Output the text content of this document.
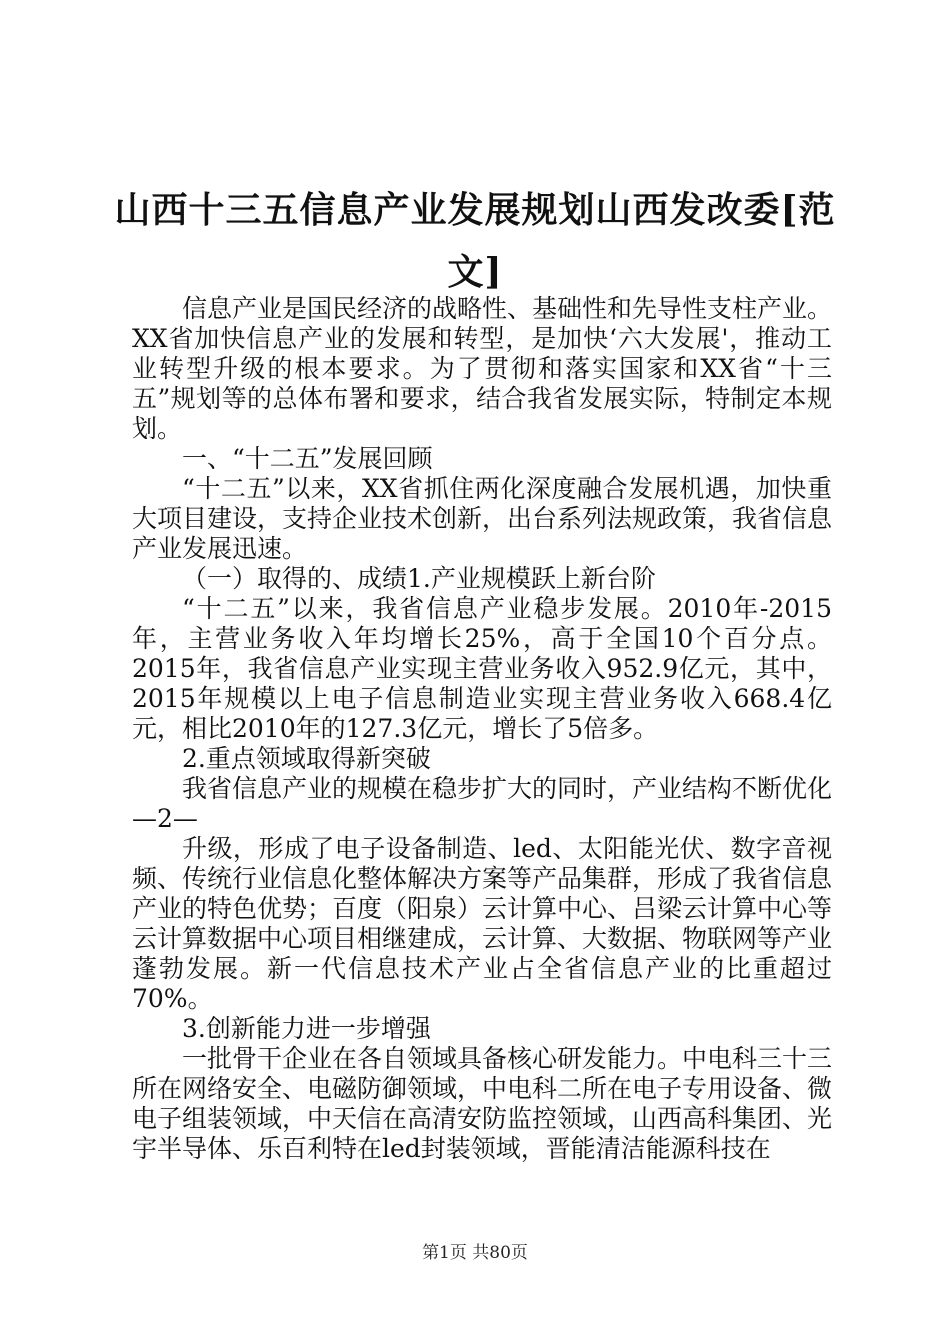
山西十三五信息产业发展规划山西发改委[范
文]

信息产业是国民经济的战略性、基础性和先导性支柱产业。XX省加快信息产业的发展和转型，是加快‘六大发展'，推动工业转型升级的根本要求。为了贯彻和落实国家和XX省“十三五”规划等的总体布署和要求，结合我省发展实际，特制定本规划。

一、“十二五”发展回顾

“十二五”以来，XX省抓住两化深度融合发展机遇，加快重大项目建设，支持企业技术创新，出台系列法规政策，我省信息产业发展迅速。

（一）取得的、成绩1.产业规模跃上新台阶

“十二五”以来，我省信息产业稳步发展。2010年-2015年，主营业务收入年均增长25%，高于全国10个百分点。2015年，我省信息产业实现主营业务收入952.9亿元，其中，2015年规模以上电子信息制造业实现主营业务收入668.4亿元，相比2010年的127.3亿元，增长了5倍多。

2.重点领域取得新突破

我省信息产业的规模在稳步扩大的同时，产业结构不断优化—2—

升级，形成了电子设备制造、led、太阳能光伏、数字音视频、传统行业信息化整体解决方案等产品集群，形成了我省信息产业的特色优势；百度（阳泉）云计算中心、吕梁云计算中心等云计算数据中心项目相继建成，云计算、大数据、物联网等产业蓬勃发展。新一代信息技术产业占全省信息产业的比重超过70%。

3.创新能力进一步增强

一批骨干企业在各自领域具备核心研发能力。中电科三十三所在网络安全、电磁防御领域，中电科二所在电子专用设备、微电子组装领域，中天信在高清安防监控领域，山西高科集团、光宇半导体、乐百利特在led封装领域，晋能清洁能源科技在

第1页 共80页
